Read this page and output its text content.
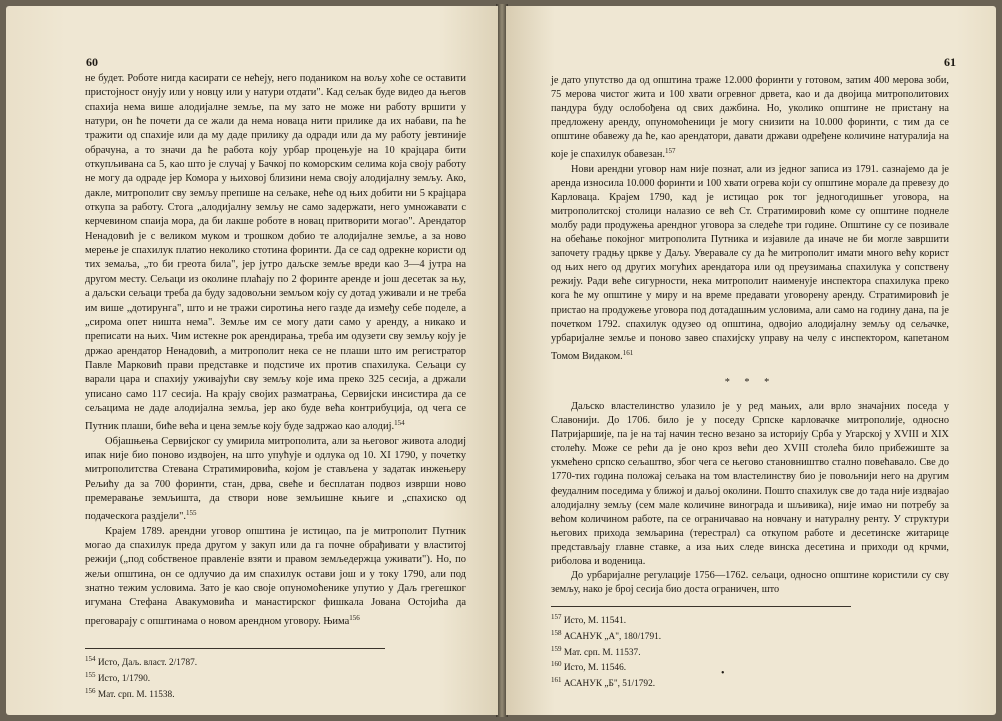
60

не будет. Роботе нигда касирати се нећеју, него подаником на вољу хоће се оставити пристојност онују или у новцу или у натури отдати". Кад сељак буде видео да његов спахија нема више алодијалне земље, па му зато не може ни работу вршити у натури, он ће почети да се жали да нема новаца нити прилике да их набави, па ће тражити од спахије или да му даде прилику да одради или да му работу јевтиније обрачуна, а то значи да ће работа коју урбар процењује на 10 крајцара бити откупљивана са 5, као што је случај у Бачкој по коморским селима која своју работу не могу да одраде јер Комора у њиховој близини нема своју алодијалну земљу. Ако, дакле, митрополит сву земљу препише на сељаке, неће од њих добити ни 5 крајцара откупа за работу. Стога „алодијалну земљу не само задержати, него умножавати с керчевином спаија мора, да би лакше роботе в новац притворити могао". Арендатор Ненадовић је с великом муком и трошком добио те алодијалне земље, а за ново мерење је спахилук платио неколико стотина форинти. Да се сад одрекне користи од тих земаља, „то би греота била", јер јутро даљске земље вреди као 3—4 јутра на другом месту. Сељаци из околине плаћају по 2 форинте аренде и још десетак за њу, а даљски сељаци треба да буду задовољни земљом коју су дотад уживали и не треба им више „дотирунга", што и не тражи сиротиња него газде да између себе поделе, а „сирома опет ништа нема". Земље им се могу дати само у аренду, а никако и преписати на њих. Чим истекне рок арендирања, треба им одузети сву земљу коју је држао арендатор Ненадовић, а митрополит нека се не плаши што им регистратор Павле Марковић прави представке и подстиче их против спахилука. Сељаци су варали цара и спахију уживајући сву земљу које има преко 325 сесија, а држали уписано само 117 сесија. На крају својих разматрања, Сервијски инсистира да се сељацима не даде алодијална земља, јер ако буде већа контрибуција, од чега се Путник плаши, биће већа и цена земље коју буде задржао као алодиј.$^{154}$

Објашњења Сервијског су умирила митрополита, али за његовог живота алодиј ипак није био поново издвојен, на што упућује и одлука од 10. XI 1790, у почетку митрополитства Стевана Стратимировића, којом је стављена у задатак инжењеру Рељићу да за 700 форинти, стан, дрва, свеће и бесплатан подвоз изврши ново премеравање земљишта, да створи нове земљишне књиге и „спахиско од подаческога раздјели".$^{155}$

Крајем 1789. арендни уговор општина је истицао, па је митрополит Путник могао да спахилук преда другом у закуп или да га почне обрађивати у властитој режији („под собственое правленіе взяти и правом земљедержца уживати"). Но, по жељи општина, он се одлучио да им спахилук остави још и у току 1790, али под знатно тежим условима. Зато је као своје опуномоћенике упутио у Даљ грегешког игумана Стефана Авакумовића и манастирског фишкала Јована Остојића да преговарају с општинама о новом арендном уговору. Њима$^{156}$

$^{154}$ Исто, Даљ. власт. 2/1787.
$^{155}$ Исто, 1/1790.
$^{156}$ Мат. срп. М. 11538.
61

је дато упутство да од општина траже 12.000 форинти у готовом, затим 400 мерова зоби, 75 мерова чистог жита и 100 хвати огревног дрвета, као и да двојица митрополитових пандура буду ослобођена од свих дажбина. Но, уколико општине не пристану на предложену аренду, опуномоћеници је могу снизити на 10.000 форинти, с тим да се општине обавежу да ће, као арендатори, давати држави одређене количине натуралија на које је спахилук обавезан.$^{157}$

Нови арендни уговор нам није познат, али из једног записа из 1791. сазнајемо да је аренда износила 10.000 форинти и 100 хвати огрева који су општине морале да превезу до Карловаца. Крајем 1790, кад је истицао рок тог једногодишњег уговора, на митрополитској столици налазио се већ Ст. Стратимировић коме су општине поднеле молбу ради продужења арендног уговора за следеће три године. Општине су се позивале на обећање покојног митрополита Путника и изјавиле да иначе не би могле завршити започету градњу цркве у Даљу. Уверавале су да ће митрополит имати много већу корист од њих него од других могућих арендатора или од преузимања спахилука у сопствену режију. Ради веће сигурности, нека митрополит наименује инспектора спахилука преко кога ће му општине у миру и на време предавати уговорену аренду. Стратимировић је пристао на продужење уговора под дотадашњим условима, али само на годину дана, па је почетком 1792. спахилук одузео од општина, одвојио алодијалну земљу од сељачке, урбаријалне земље и поново завео спахијску управу на челу с инспектором, капетаном Томом Видаком.$^{161}$

* * *

Даљско властелинство улазило је у ред мањих, али врло значајних поседа у Славонији. До 1706. било је у поседу Српске карловачке митрополије, односно Патријаршије, па је на тај начин тесно везано за историју Срба у Угарској у XVIII и XIX столећу. Може се рећи да је оно кроз већи део XVIII столећа било прибежиште за укмећено српско сељаштво, због чега се његово становништво стално повећавало. Све до 1770-тих година положај сељака на том властелинству био је повољнији него на другим феудалним поседима у ближој и даљој околини. Пошто спахилук све до тада није издвајао алодијалну земљу (сем мале количине винограда и шљивика), није имао ни потребу за већом количином работе, па се ограничавао на новчану и натуралну ренту. У структури његових прихода земљарина (терестрал) са откупом работе и десетинске житарице представљају главне ставке, а иза њих следе винска десетина и приходи од крчми, риболова и воденица.

До урбаријалне регулације 1756—1762. сељаци, односно општине користили су сву земљу, нако је број сесија био доста ограничен, што

$^{157}$ Исто, М. 11541.
$^{158}$ АСАНУК „А", 180/1791.
$^{159}$ Мат. срп. М. 11537.
$^{160}$ Исто, М. 11546.
$^{161}$ АСАНУК „Б", 51/1792.
•
